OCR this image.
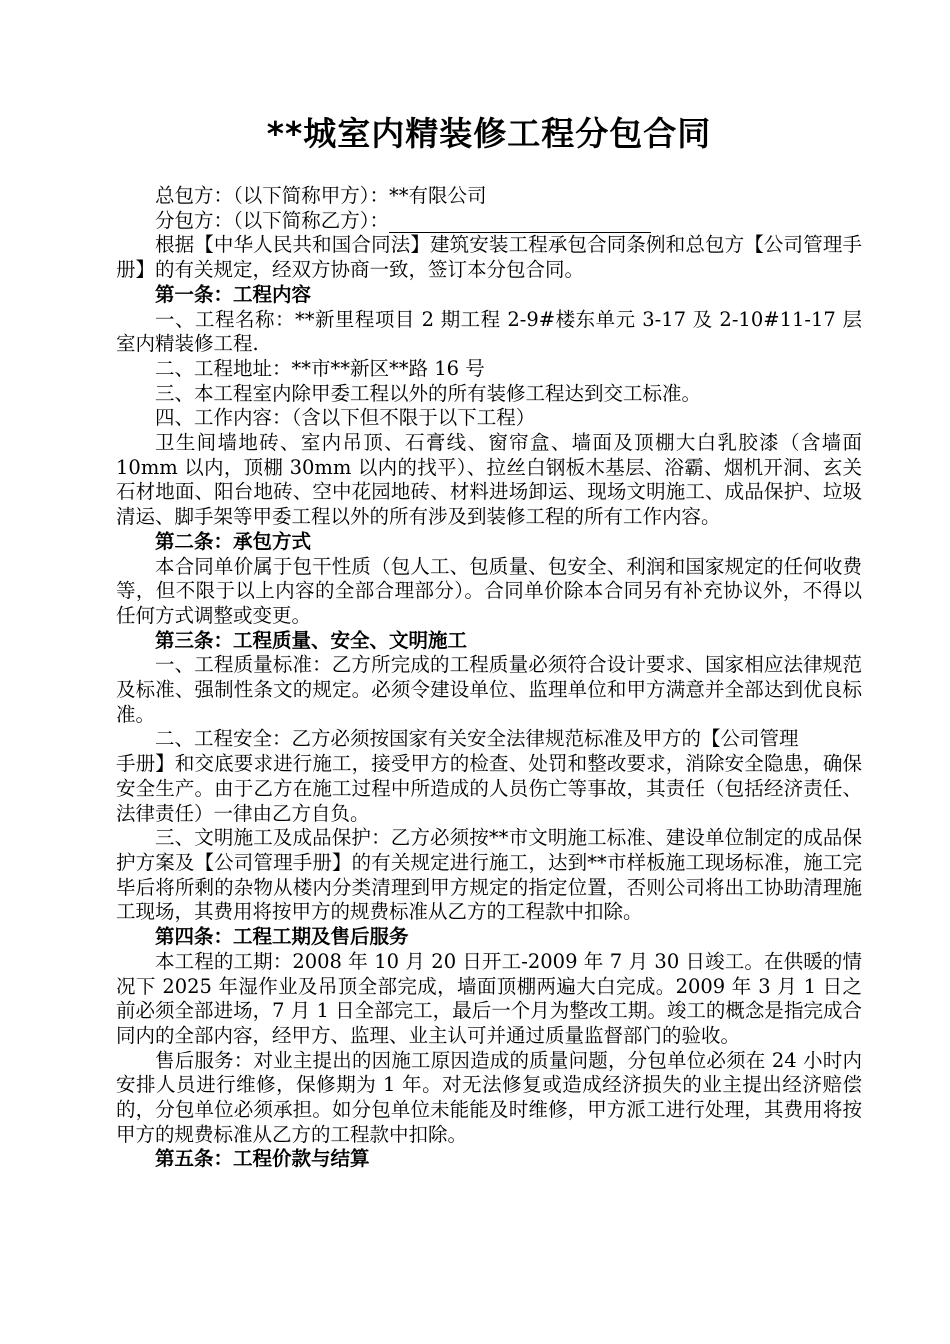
**城室内精装修工程分包合同

总包方：（以下简称甲方）：**有限公司

分包方：（以下简称乙方）：

根据【中华人民共和国合同法】建筑安装工程承包合同条例和总包方【公司管理手册】的有关规定，经双方协商一致，签订本分包合同。

第一条：工程内容

一、工程名称：**新里程项目 2 期工程 2-9#楼东单元 3-17 及 2-10#11-17 层室内精装修工程.

二、工程地址：**市**新区**路 16 号

三、本工程室内除甲委工程以外的所有装修工程达到交工标准。

四、工作内容：（含以下但不限于以下工程）

卫生间墙地砖、室内吊顶、石膏线、窗帘盒、墙面及顶棚大白乳胶漆（含墙面 10mm 以内，顶棚 30mm 以内的找平）、拉丝白钢板木基层、浴霸、烟机开洞、玄关石材地面、阳台地砖、空中花园地砖、材料进场卸运、现场文明施工、成品保护、垃圾清运、脚手架等甲委工程以外的所有涉及到装修工程的所有工作内容。

第二条：承包方式

本合同单价属于包干性质（包人工、包质量、包安全、利润和国家规定的任何收费等，但不限于以上内容的全部合理部分）。合同单价除本合同另有补充协议外，不得以任何方式调整或变更。

第三条：工程质量、安全、文明施工

一、工程质量标准：乙方所完成的工程质量必须符合设计要求、国家相应法律规范及标准、强制性条文的规定。必须令建设单位、监理单位和甲方满意并全部达到优良标准。

二、工程安全：乙方必须按国家有关安全法律规范标准及甲方的【公司管理

手册】和交底要求进行施工，接受甲方的检查、处罚和整改要求，消除安全隐患，确保安全生产。由于乙方在施工过程中所造成的人员伤亡等事故，其责任（包括经济责任、法律责任）一律由乙方自负。

三、文明施工及成品保护：乙方必须按**市文明施工标准、建设单位制定的成品保护方案及【公司管理手册】的有关规定进行施工，达到**市样板施工现场标准，施工完毕后将所剩的杂物从楼内分类清理到甲方规定的指定位置，否则公司将出工协助清理施工现场，其费用将按甲方的规费标准从乙方的工程款中扣除。

第四条：工程工期及售后服务

本工程的工期：2008 年 10 月 20 日开工-2009 年 7 月 30 日竣工。在供暖的情况下 2025 年湿作业及吊顶全部完成，墙面顶棚两遍大白完成。2009 年 3 月 1 日之前必须全部进场，7 月 1 日全部完工，最后一个月为整改工期。竣工的概念是指完成合同内的全部内容，经甲方、监理、业主认可并通过质量监督部门的验收。

售后服务：对业主提出的因施工原因造成的质量问题，分包单位必须在 24 小时内安排人员进行维修，保修期为 1 年。对无法修复或造成经济损失的业主提出经济赔偿的，分包单位必须承担。如分包单位未能能及时维修，甲方派工进行处理，其费用将按甲方的规费标准从乙方的工程款中扣除。

第五条：工程价款与结算
